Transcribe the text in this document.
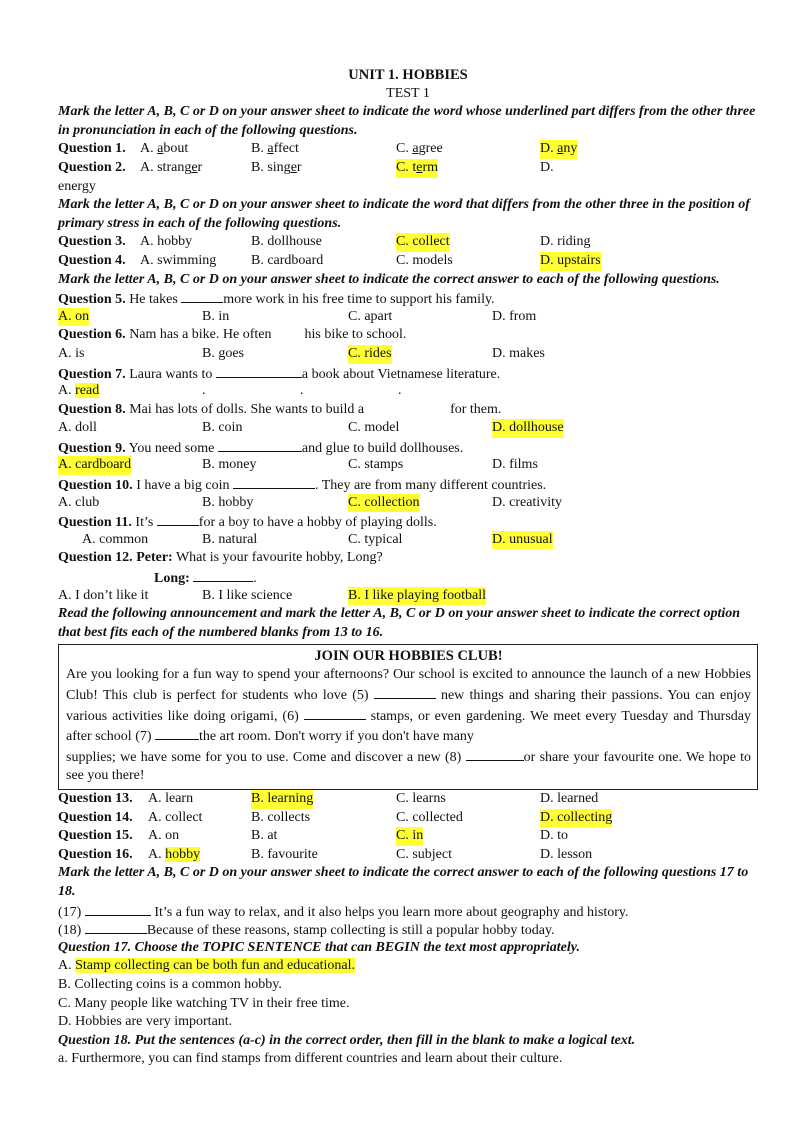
UNIT 1. HOBBIES
TEST 1
Mark the letter A, B, C or D on your answer sheet to indicate the word whose underlined part differs from the other three in pronunciation in each of the following questions.
Question 1. A. about	B. affect	C. agree	D. any
Question 2. A. stranger	B. singer	C. term	D.
energy
Mark the letter A, B, C or D on your answer sheet to indicate the word that differs from the other three in the position of primary stress in each of the following questions.
Question 3. A. hobby	B. dollhouse	C. collect	D. riding
Question 4. A. swimming B. cardboard	C. models	D. upstairs
Mark the letter A, B, C or D on your answer sheet to indicate the correct answer to each of the following questions.
Question 5. He takes	more work in his free time to support his family.
A. on	B. in	C. apart	D. from
Question 6. Nam has a bike. He often his bike to school.
A. is	B. goes	C. rides	D. makes
Question 7. Laura wants to	a book about Vietnamese literature.
A. read	.	.	.
Question 8. Mai has lots of dolls. She wants to build a	for them.
A. doll	B. coin	C. model	D. dollhouse
Question 9. You need some	and glue to build dollhouses.
A. cardboard	B. money	C. stamps	D. films
Question 10. I have a big coin	. They are from many different countries.
A. club	B. hobby	C. collection	D. creativity
Question 11. It’s	for a boy to have a hobby of playing dolls.
A. common	B. natural	C. typical	D. unusual
Question 12. Peter: What is your favourite hobby, Long?
Long:	.
A. I don’t like it	B. I like science	B. I like playing football
Read the following announcement and mark the letter A, B, C or D on your answer sheet to indicate the correct option that best fits each of the numbered blanks from 13 to 16.
JOIN OUR HOBBIES CLUB!
Are you looking for a fun way to spend your afternoons? Our school is excited to announce the launch of a new Hobbies Club! This club is perfect for students who love (5)	new things and sharing their passions. You can enjoy various activities like doing origami, (6)	stamps, or even gardening. We meet every Tuesday and Thursday after school (7)	the art room. Don't worry if you don't have many
supplies; we have some for you to use. Come and discover a new (8)	or share your favourite one. We hope to see you there!
Question 13. A. learn	B. learning	C. learns	D. learned
Question 14. A. collect	B. collects	C. collected	D. collecting
Question 15. A. on	B. at	C. in	D. to
Question 16. A. hobby	B. favourite	C. subject	D. lesson
Mark the letter A, B, C or D on your answer sheet to indicate the correct answer to each of the following questions 17 to 18.
(17)	It’s a fun way to relax, and it also helps you learn more about geography and history.
(18)	Because of these reasons, stamp collecting is still a popular hobby today.
Question 17. Choose the TOPIC SENTENCE that can BEGIN the text most appropriately.
A. Stamp collecting can be both fun and educational.
B. Collecting coins is a common hobby.
C. Many people like watching TV in their free time.
D. Hobbies are very important.
Question 18. Put the sentences (a-c) in the correct order, then fill in the blank to make a logical text.
a. Furthermore, you can find stamps from different countries and learn about their culture.
